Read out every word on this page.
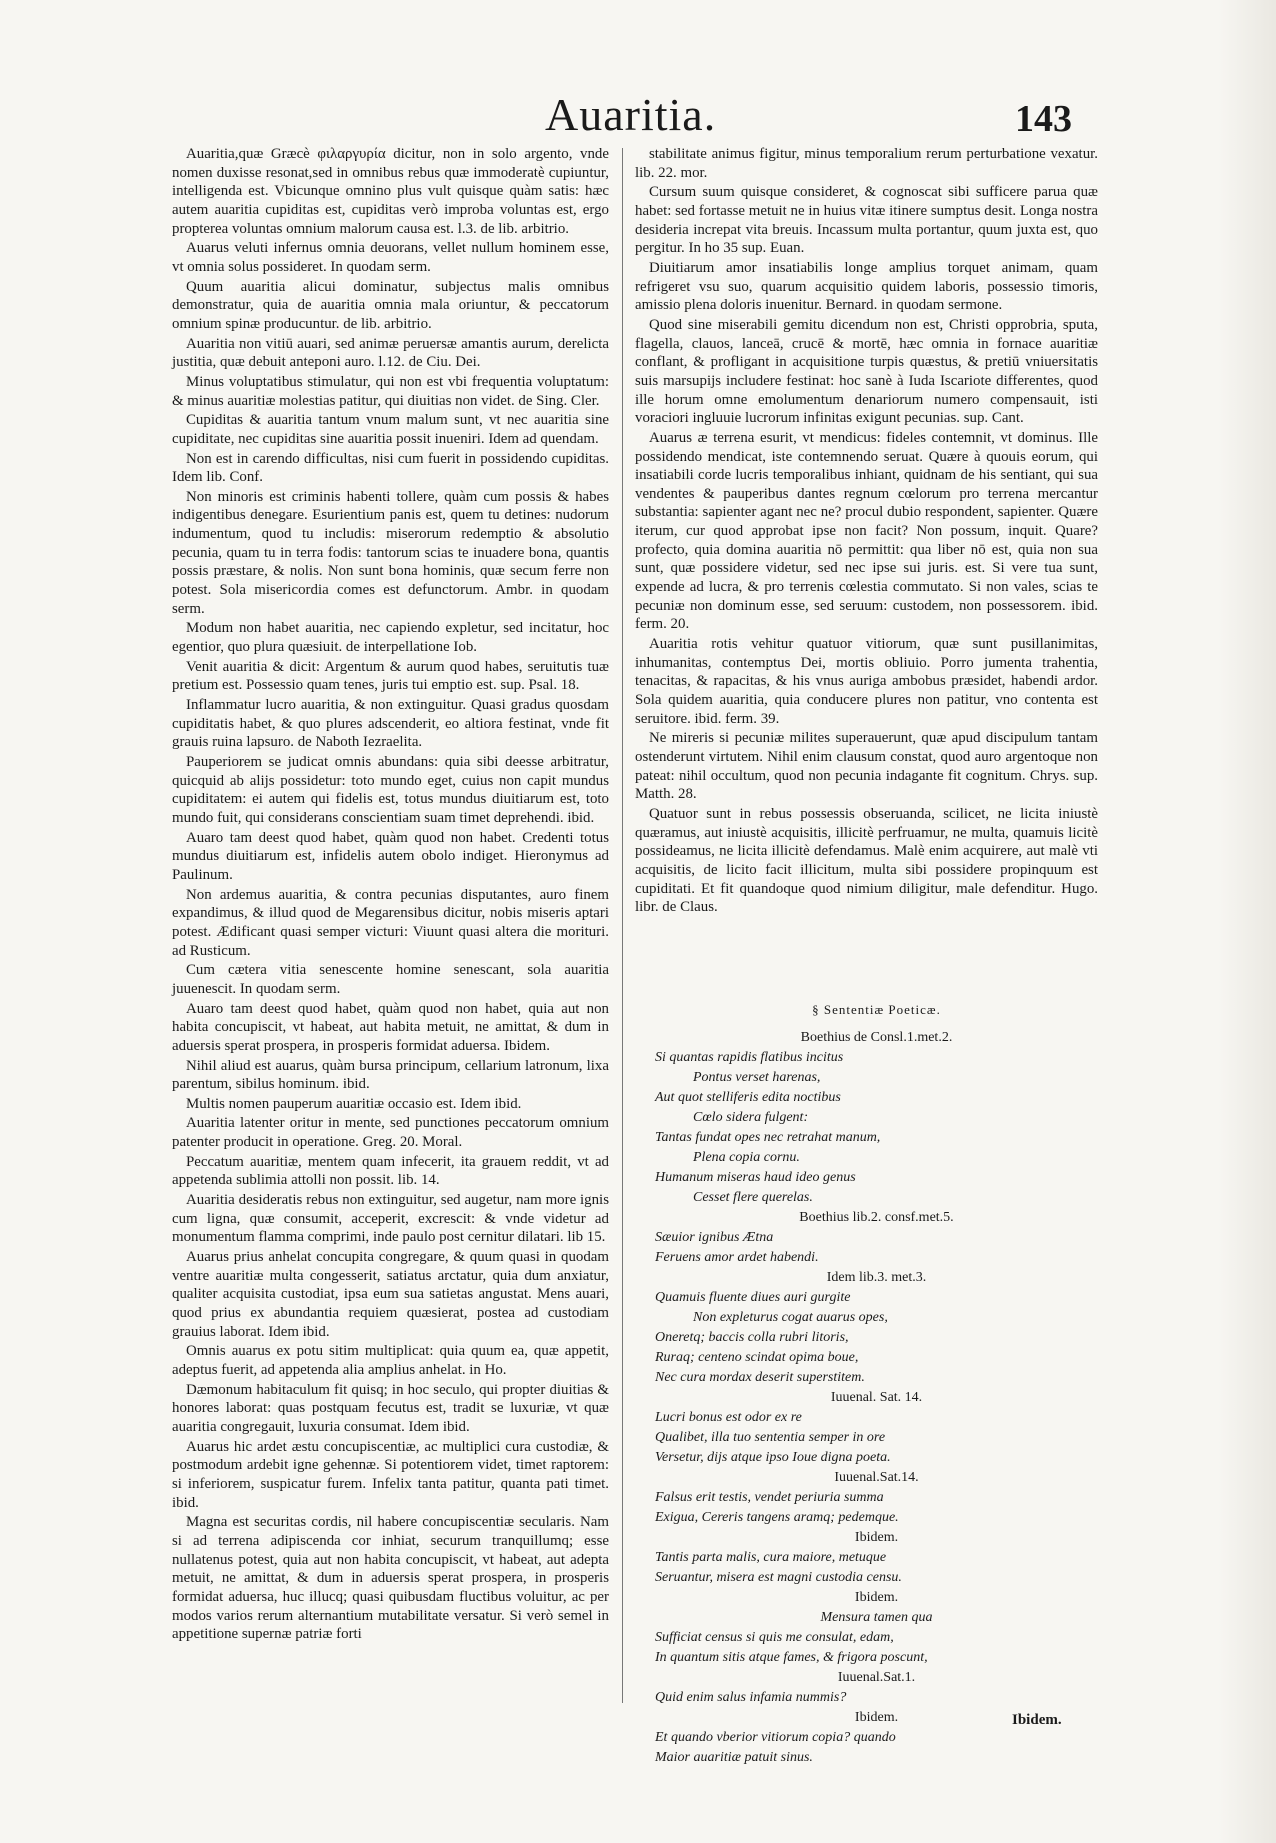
Auaritia.	143

Auaritia,quæ Græcè φιλαργυρία dicitur, non in solo argento, vnde nomen duxisse resonat,sed in omnibus rebus quæ immoderatè cupiuntur, intelligenda est. Vbicunque omnino plus vult quisque quàm satis: hæc autem auaritia cupiditas est, cupiditas verò improba voluntas est, ergo propterea voluntas omnium malorum causa est. l.3. de lib. arbitrio.

Auarus veluti infernus omnia deuorans, vellet nullum hominem esse, vt omnia solus possideret. In quodam serm.

Quum auaritia alicui dominatur, subjectus malis omnibus demonstratur, quia de auaritia omnia mala oriuntur, & peccatorum omnium spinæ producuntur. de lib. arbitrio.

Auaritia non vitiū auari, sed animæ peruersæ amantis aurum, derelicta justitia, quæ debuit anteponi auro. l.12. de Ciu. Dei.

Minus voluptatibus stimulatur, qui non est vbi frequentia voluptatum: & minus auaritiæ molestias patitur, qui diuitias non videt. de Sing. Cler.

Cupiditas & auaritia tantum vnum malum sunt, vt nec auaritia sine cupiditate, nec cupiditas sine auaritia possit inueniri. Idem ad quendam.

Non est in carendo difficultas, nisi cum fuerit in possidendo cupiditas. Idem lib. Conf.

Non minoris est criminis habenti tollere, quàm cum possis & habes indigentibus denegare. Esurientium panis est, quem tu detines: nudorum indumentum, quod tu includis: miserorum redemptio & absolutio pecunia, quam tu in terra fodis: tantorum scias te inuadere bona, quantis possis præstare, & nolis. Non sunt bona hominis, quæ secum ferre non potest. Sola misericordia comes est defunctorum. Ambr. in quodam serm.

Modum non habet auaritia, nec capiendo expletur, sed incitatur, hoc egentior, quo plura quæsiuit. de interpellatione Iob.

Venit auaritia & dicit: Argentum & aurum quod habes, seruitutis tuæ pretium est. Possessio quam tenes, juris tui emptio est. sup. Psal. 18.

Inflammatur lucro auaritia, & non extinguitur. Quasi gradus quosdam cupiditatis habet, & quo plures adscenderit, eo altiora festinat, vnde fit grauis ruina lapsuro. de Naboth Iezraelita.

Pauperiorem se judicat omnis abundans: quia sibi deesse arbitratur, quicquid ab alijs possidetur: toto mundo eget, cuius non capit mundus cupiditatem: ei autem qui fidelis est, totus mundus diuitiarum est, toto mundo fuit, qui considerans conscientiam suam timet deprehendi. ibid.

Auaro tam deest quod habet, quàm quod non habet. Credenti totus mundus diuitiarum est, infidelis autem obolo indiget. Hieronymus ad Paulinum.

Non ardemus auaritia, & contra pecunias disputantes, auro finem expandimus, & illud quod de Megarensibus dicitur, nobis miseris aptari potest. Ædificant quasi semper victuri: Viuunt quasi altera die morituri. ad Rusticum.

Cum cætera vitia senescente homine senescant, sola auaritia juuenescit. In quodam serm.

Auaro tam deest quod habet, quàm quod non habet, quia aut non habita concupiscit, vt habeat, aut habita metuit, ne amittat, & dum in aduersis sperat prospera, in prosperis formidat aduersa. Ibidem.

Nihil aliud est auarus, quàm bursa principum, cellarium latronum, lixa parentum, sibilus hominum. ibid.

Multis nomen pauperum auaritiæ occasio est. Idem ibid.

Auaritia latenter oritur in mente, sed punctiones peccatorum omnium patenter producit in operatione. Greg. 20. Moral.

Peccatum auaritiæ, mentem quam infecerit, ita grauem reddit, vt ad appetenda sublimia attolli non possit. lib. 14.

Auaritia desideratis rebus non extinguitur, sed augetur, nam more ignis cum ligna, quæ consumit, acceperit, excrescit: & vnde videtur ad monumentum flamma comprimi, inde paulo post cernitur dilatari. lib 15.

Auarus prius anhelat concupita congregare, & quum quasi in quodam ventre auaritiæ multa congesserit, satiatus arctatur, quia dum anxiatur, qualiter acquisita custodiat, ipsa eum sua satietas angustat. Mens auari, quod prius ex abundantia requiem quæsierat, postea ad custodiam grauius laborat. Idem ibid.

Omnis auarus ex potu sitim multiplicat: quia quum ea, quæ appetit, adeptus fuerit, ad appetenda alia amplius anhelat. in Ho.

Dæmonum habitaculum fit quisq; in hoc seculo, qui propter diuitias & honores laborat: quas postquam fecutus est, tradit se luxuriæ, vt quæ auaritia congregauit, luxuria consumat. Idem ibid.

Auarus hic ardet æstu concupiscentiæ, ac multiplici cura custodiæ, & postmodum ardebit igne gehennæ. Si potentiorem videt, timet raptorem: si inferiorem, suspicatur furem. Infelix tanta patitur, quanta pati timet. ibid.

Magna est securitas cordis, nil habere concupiscentiæ secularis. Nam si ad terrena adipiscenda cor inhiat, securum tranquillumq; esse nullatenus potest, quia aut non habita concupiscit, vt habeat, aut adepta metuit, ne amittat, & dum in aduersis sperat prospera, in prosperis formidat aduersa, huc illucq; quasi quibusdam fluctibus voluitur, ac per modos varios rerum alternantium mutabilitate versatur. Si verò semel in appetitione supernæ patriæ forti

stabilitate animus figitur, minus temporalium rerum perturbatione vexatur. lib. 22. mor.

Cursum suum quisque consideret, & cognoscat sibi sufficere parua quæ habet: sed fortasse metuit ne in huius vitæ itinere sumptus desit. Longa nostra desideria increpat vita breuis. Incassum multa portantur, quum juxta est, quo pergitur. In ho 35 sup. Euan.

Diuitiarum amor insatiabilis longe amplius torquet animam, quam refrigeret vsu suo, quarum acquisitio quidem laboris, possessio timoris, amissio plena doloris inuenitur. Bernard. in quodam sermone.

Quod sine miserabili gemitu dicendum non est, Christi opprobria, sputa, flagella, clauos, lanceā, crucē & mortē, hæc omnia in fornace auaritiæ conflant, & profligant in acquisitione turpis quæstus, & pretiū vniuersitatis suis marsupijs includere festinat: hoc sanè à Iuda Iscariote differentes, quod ille horum omne emolumentum denariorum numero compensauit, isti voraciori ingluuie lucrorum infinitas exigunt pecunias. sup. Cant.

Auarus æ terrena esurit, vt mendicus: fideles contemnit, vt dominus. Ille possidendo mendicat, iste contemnendo seruat. Quære à quouis eorum, qui insatiabili corde lucris temporalibus inhiant, quidnam de his sentiant, qui sua vendentes & pauperibus dantes regnum cœlorum pro terrena mercantur substantia: sapienter agant nec ne? procul dubio respondent, sapienter. Quære iterum, cur quod approbat ipse non facit? Non possum, inquit. Quare? profecto, quia domina auaritia nō permittit: qua liber nō est, quia non sua sunt, quæ possidere videtur, sed nec ipse sui juris. est. Si vere tua sunt, expende ad lucra, & pro terrenis cœlestia commutato. Si non vales, scias te pecuniæ non dominum esse, sed seruum: custodem, non possessorem. ibid. ferm. 20.

Auaritia rotis vehitur quatuor vitiorum, quæ sunt pusillanimitas, inhumanitas, contemptus Dei, mortis obliuio. Porro jumenta trahentia, tenacitas, & rapacitas, & his vnus auriga ambobus præsidet, habendi ardor. Sola quidem auaritia, quia conducere plures non patitur, vno contenta est seruitore. ibid. ferm. 39.

Ne mireris si pecuniæ milites superauerunt, quæ apud discipulum tantam ostenderunt virtutem. Nihil enim clausum constat, quod auro argentoque non pateat: nihil occultum, quod non pecunia indagante fit cognitum. Chrys. sup. Matth. 28.

Quatuor sunt in rebus possessis obseruanda, scilicet, ne licita iniustè quæramus, aut iniustè acquisitis, illicitè perfruamur, ne multa, quamuis licitè possideamus, ne licita illicitè defendamus. Malè enim acquirere, aut malè vti acquisitis, de licito facit illicitum, multa sibi possidere propinquum est cupiditati. Et fit quandoque quod nimium diligitur, male defenditur. Hugo. libr. de Claus.

§ Sententiæ Poeticæ.
Boethius de Consl.1.met.2.
Si quantas rapidis flatibus incitus
Pontus verset harenas,
Aut quot stelliferis edita noctibus
Cœlo sidera fulgent:
Tantas fundat opes nec retrahat manum,
Plena copia cornu.
Humanum miseras haud ideo genus
Cesset flere querelas.
Boethius lib.2. consf.met.5.
Sæuior ignibus Ætna
Feruens amor ardet habendi.
Idem lib.3. met.3.
Quamuis fluente diues auri gurgite
Non expleturus cogat auarus opes,
Oneretq; baccis colla rubri litoris,
Ruraq; centeno scindat opima boue,
Nec cura mordax deserit superstitem.
Iuuenal. Sat. 14.
Lucri bonus est odor ex re
Qualibet, illa tuo sententia semper in ore
Versetur, dijs atque ipso Ioue digna poeta.
Iuuenal.Sat.14.
Falsus erit testis, vendet periuria summa
Exigua, Cereris tangens aramq; pedemque.
Ibidem.
Tantis parta malis, cura maiore, metuque
Seruantur, misera est magni custodia censu.
Ibidem.
Mensura tamen qua
Sufficiat census si quis me consulat, edam,
In quantum sitis atque fames, & frigora poscunt,
Iuuenal.Sat.1.
Quid enim salus infamia nummis?
Ibidem.
Et quando vberior vitiorum copia? quando
Maior auaritiæ patuit sinus.
Ibidem.
